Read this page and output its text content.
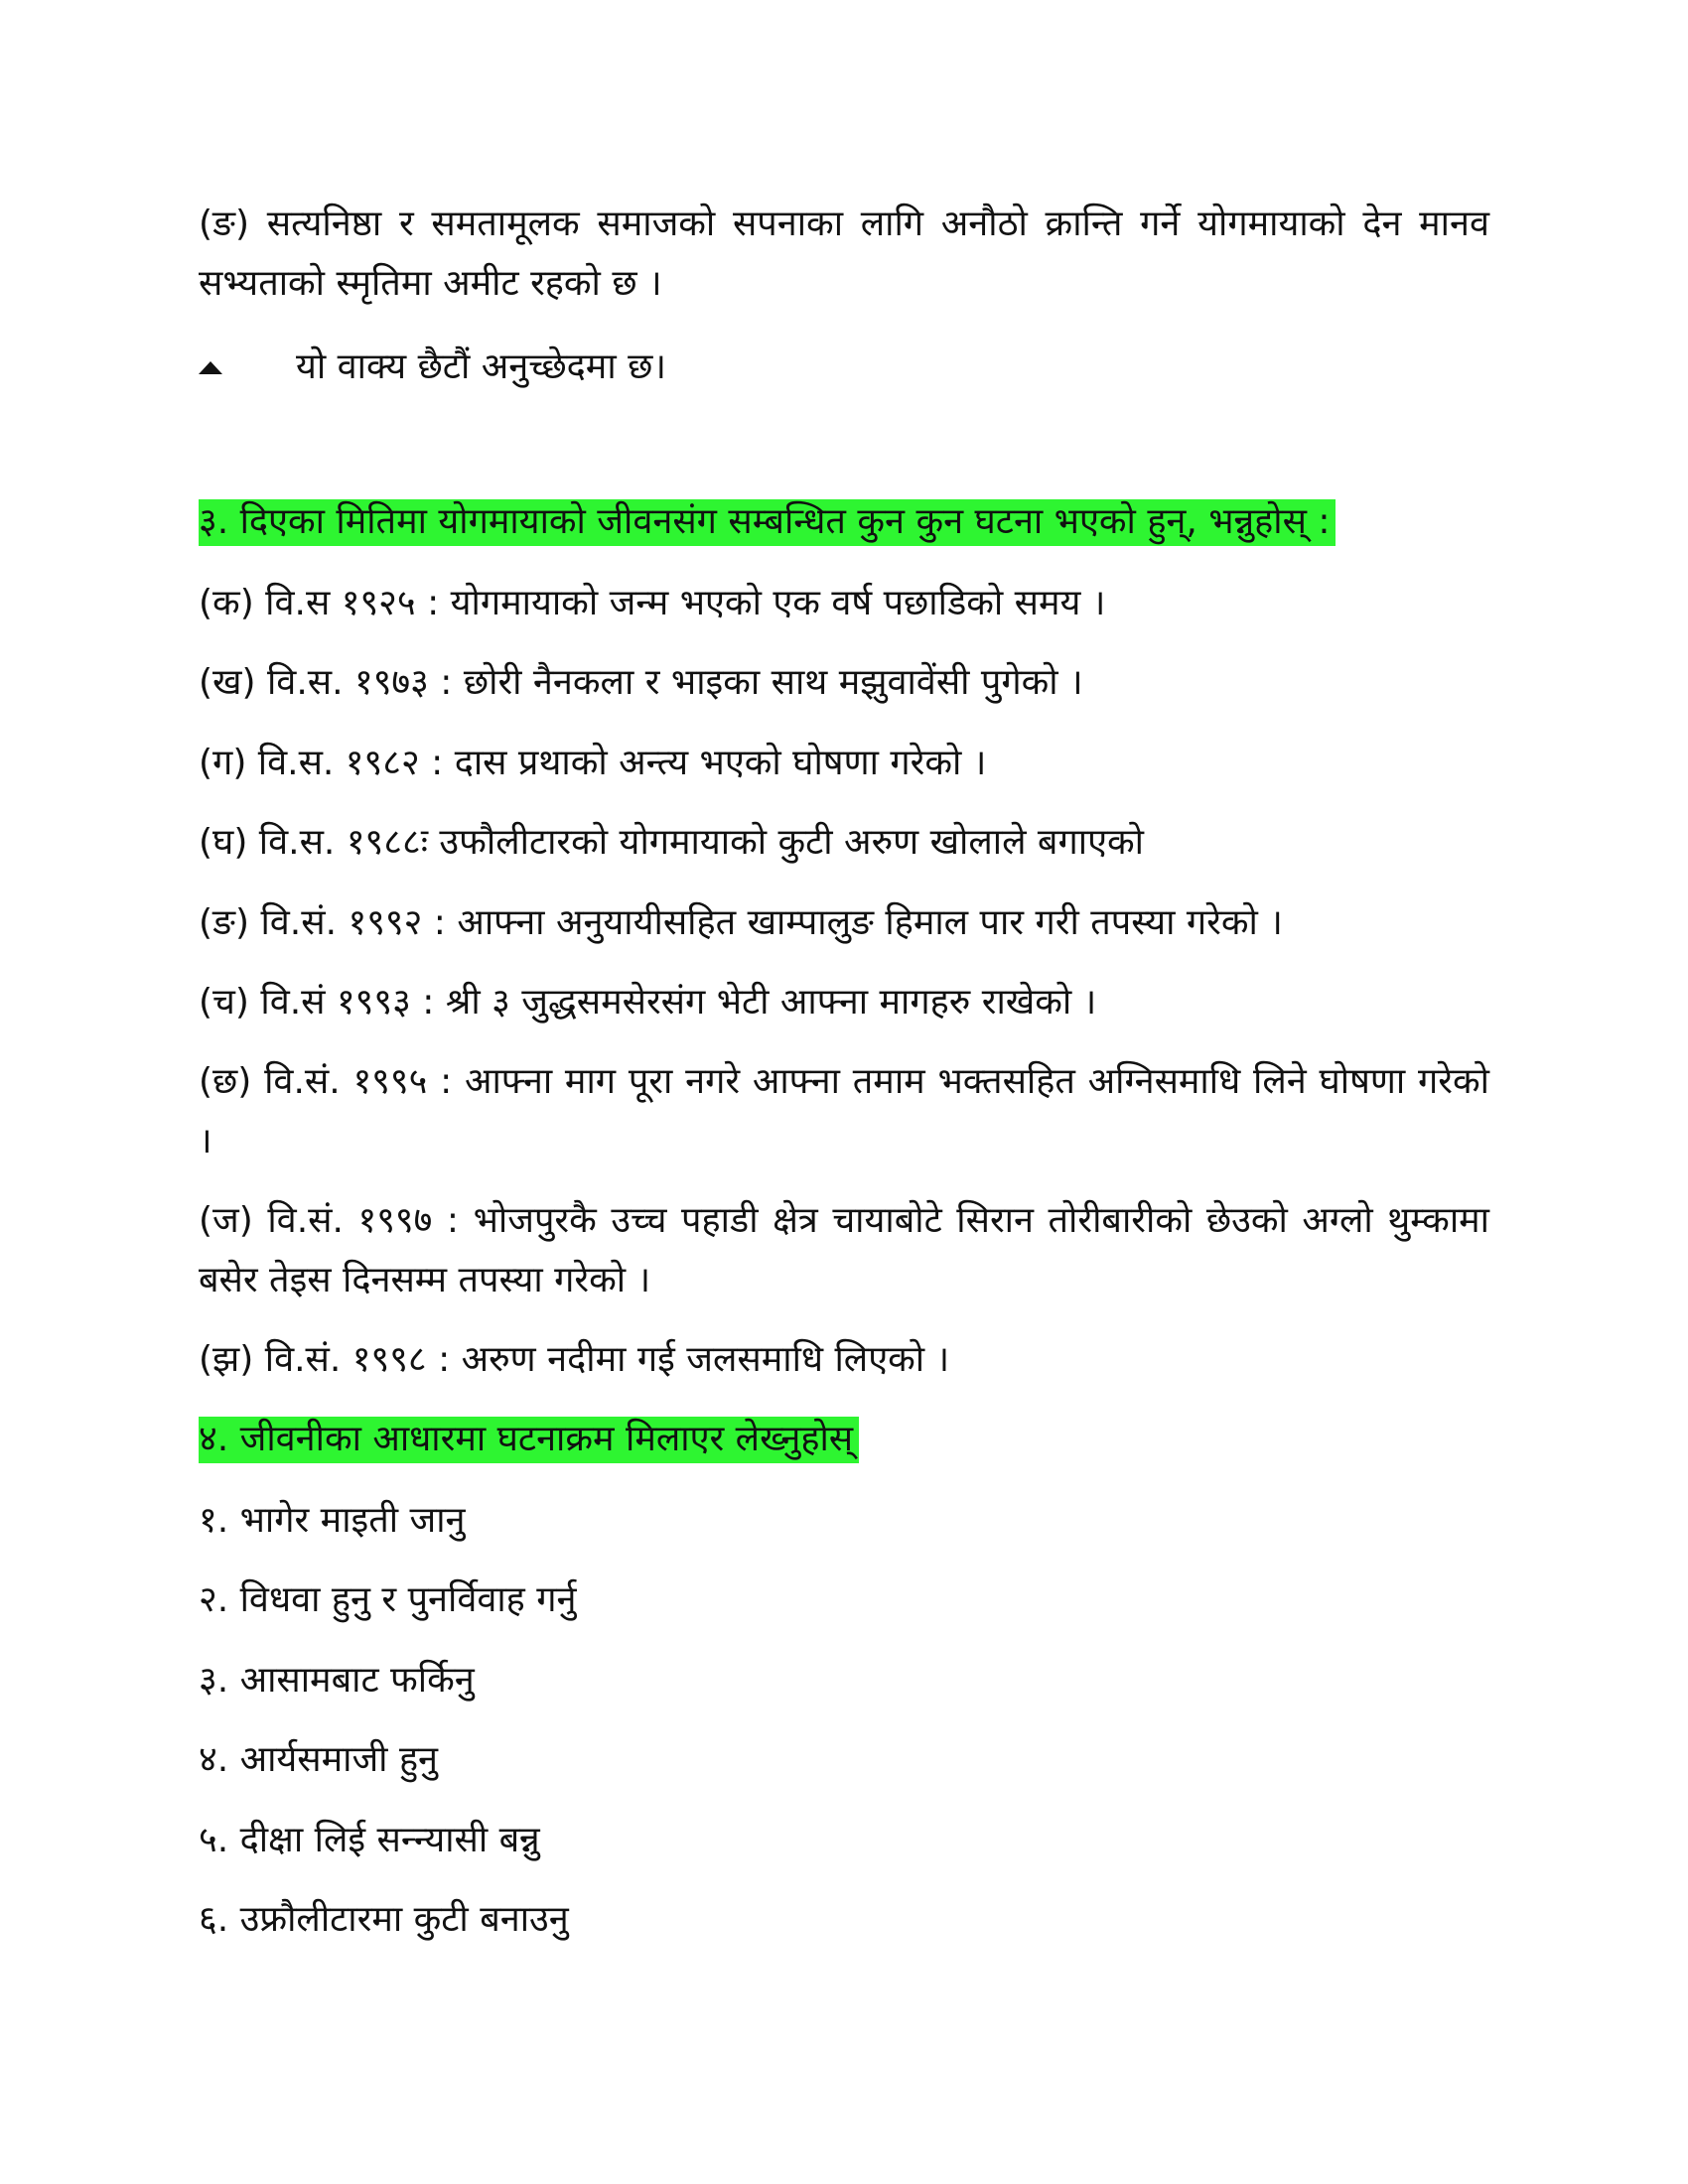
(ङ) सत्यनिष्ठा र समतामूलक समाजको सपनाका लागि अनौठो क्रान्ति गर्ने योगमायाको देन मानव सभ्यताको स्मृतिमा अमीट रहको छ ।

योे वाक्य छैटौं अनुच्छेदमा छ।

३. दिएका मितिमा योगमायाको जीवनसंग सम्बन्धित कुन कुन घटना भएको हुन्, भन्नुहोस् :

(क) वि.स १९२५ : योगमायाको जन्म भएको एक वर्ष पछाडिको समय ।

(ख) वि.स. १९७३ : छोरी नैनकला र भाइका साथ मझुवावेंसी पुगेको ।

(ग) वि.स. १९८२ : दास प्रथाको अन्त्य भएको घोषणा गरेको ।

(घ) वि.स. १९८८ः उफौलीटारको योगमायाको कुटी अरुण खोलाले बगाएको

(ङ) वि.सं. १९९२ : आफ्ना अनुयायीसहित खाम्पालुङ हिमाल पार गरी तपस्या गरेको ।

(च) वि.सं १९९३ : श्री ३ जुद्धसमसेरसंग भेटी आफ्ना मागहरु राखेको ।

(छ) वि.सं. १९९५ : आफ्ना माग पूरा नगरे आफ्ना तमाम भक्तसहित अग्निसमाधि लिने घोषणा गरेको ।

(ज) वि.सं. १९९७ : भोजपुरकै उच्च पहाडी क्षेत्र चायाबोटे सिरान तोरीबारीको छेउको अग्लो थुम्कामा बसेर तेइस दिनसम्म तपस्या गरेको ।

(झ) वि.सं. १९९८ : अरुण नदीमा गई जलसमाधि लिएको ।

४. जीवनीका आधारमा घटनाक्रम मिलाएर लेख्नुहोस्

१. भागेर माइती जानु

२. विधवा हुनु र पुनर्विवाह गर्नु

३. आसामबाट फर्किनु

४. आर्यसमाजी हुनु

५. दीक्षा लिई सन्न्यासी बन्नु

६. उफ्रौलीटारमा कुटी बनाउनु
